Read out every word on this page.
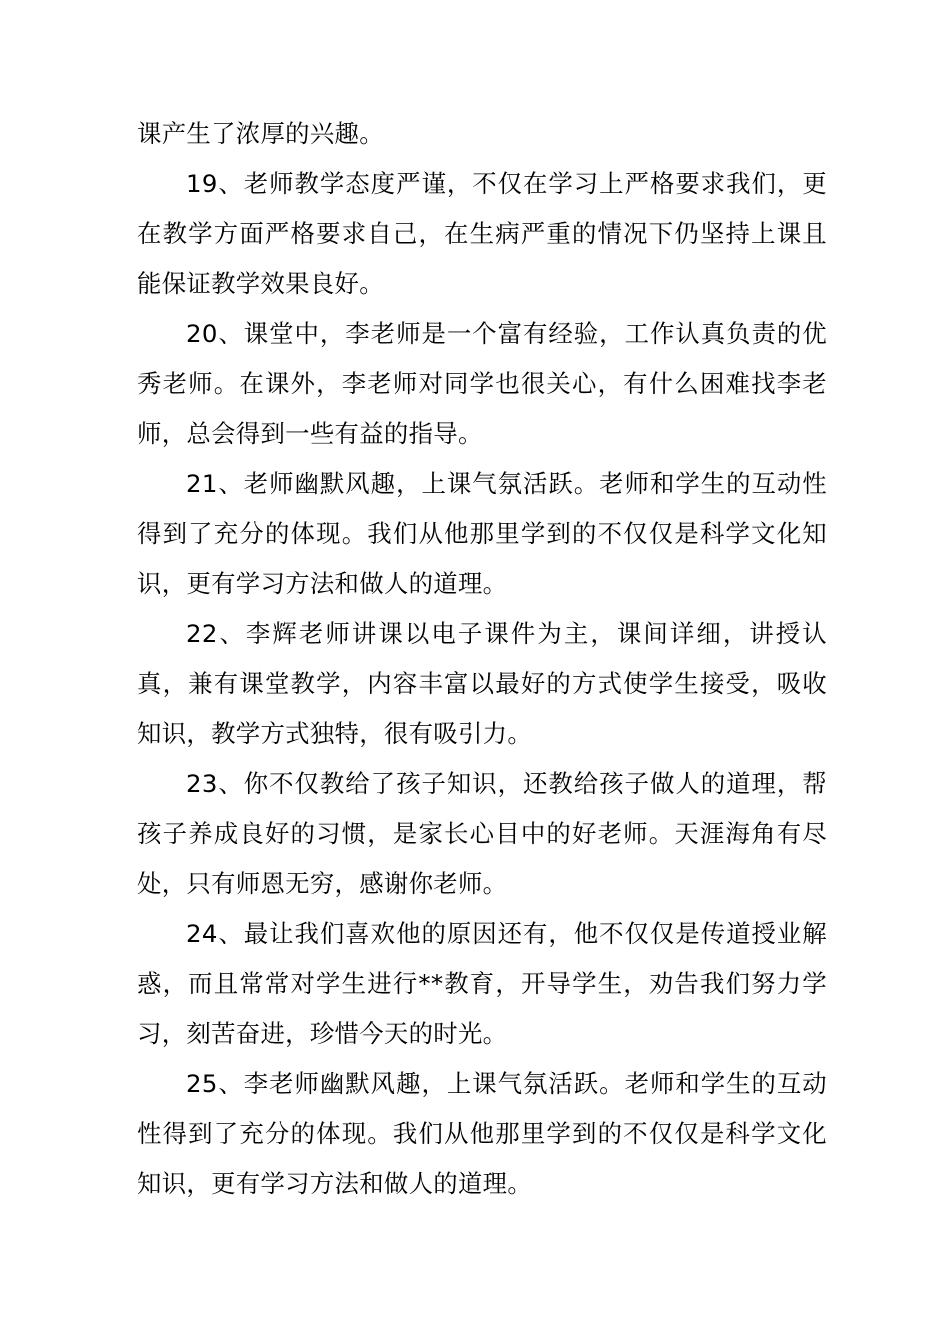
课产生了浓厚的兴趣。

19、老师教学态度严谨，不仅在学习上严格要求我们，更在教学方面严格要求自己，在生病严重的情况下仍坚持上课且能保证教学效果良好。

20、课堂中，李老师是一个富有经验，工作认真负责的优秀老师。在课外，李老师对同学也很关心，有什么困难找李老师，总会得到一些有益的指导。

21、老师幽默风趣，上课气氛活跃。老师和学生的互动性得到了充分的体现。我们从他那里学到的不仅仅是科学文化知识，更有学习方法和做人的道理。

22、李辉老师讲课以电子课件为主，课间详细，讲授认真，兼有课堂教学，内容丰富以最好的方式使学生接受，吸收知识，教学方式独特，很有吸引力。

23、你不仅教给了孩子知识，还教给孩子做人的道理，帮孩子养成良好的习惯，是家长心目中的好老师。天涯海角有尽处，只有师恩无穷，感谢你老师。

24、最让我们喜欢他的原因还有，他不仅仅是传道授业解惑，而且常常对学生进行**教育，开导学生，劝告我们努力学习，刻苦奋进，珍惜今天的时光。

25、李老师幽默风趣，上课气氛活跃。老师和学生的互动性得到了充分的体现。我们从他那里学到的不仅仅是科学文化知识，更有学习方法和做人的道理。
